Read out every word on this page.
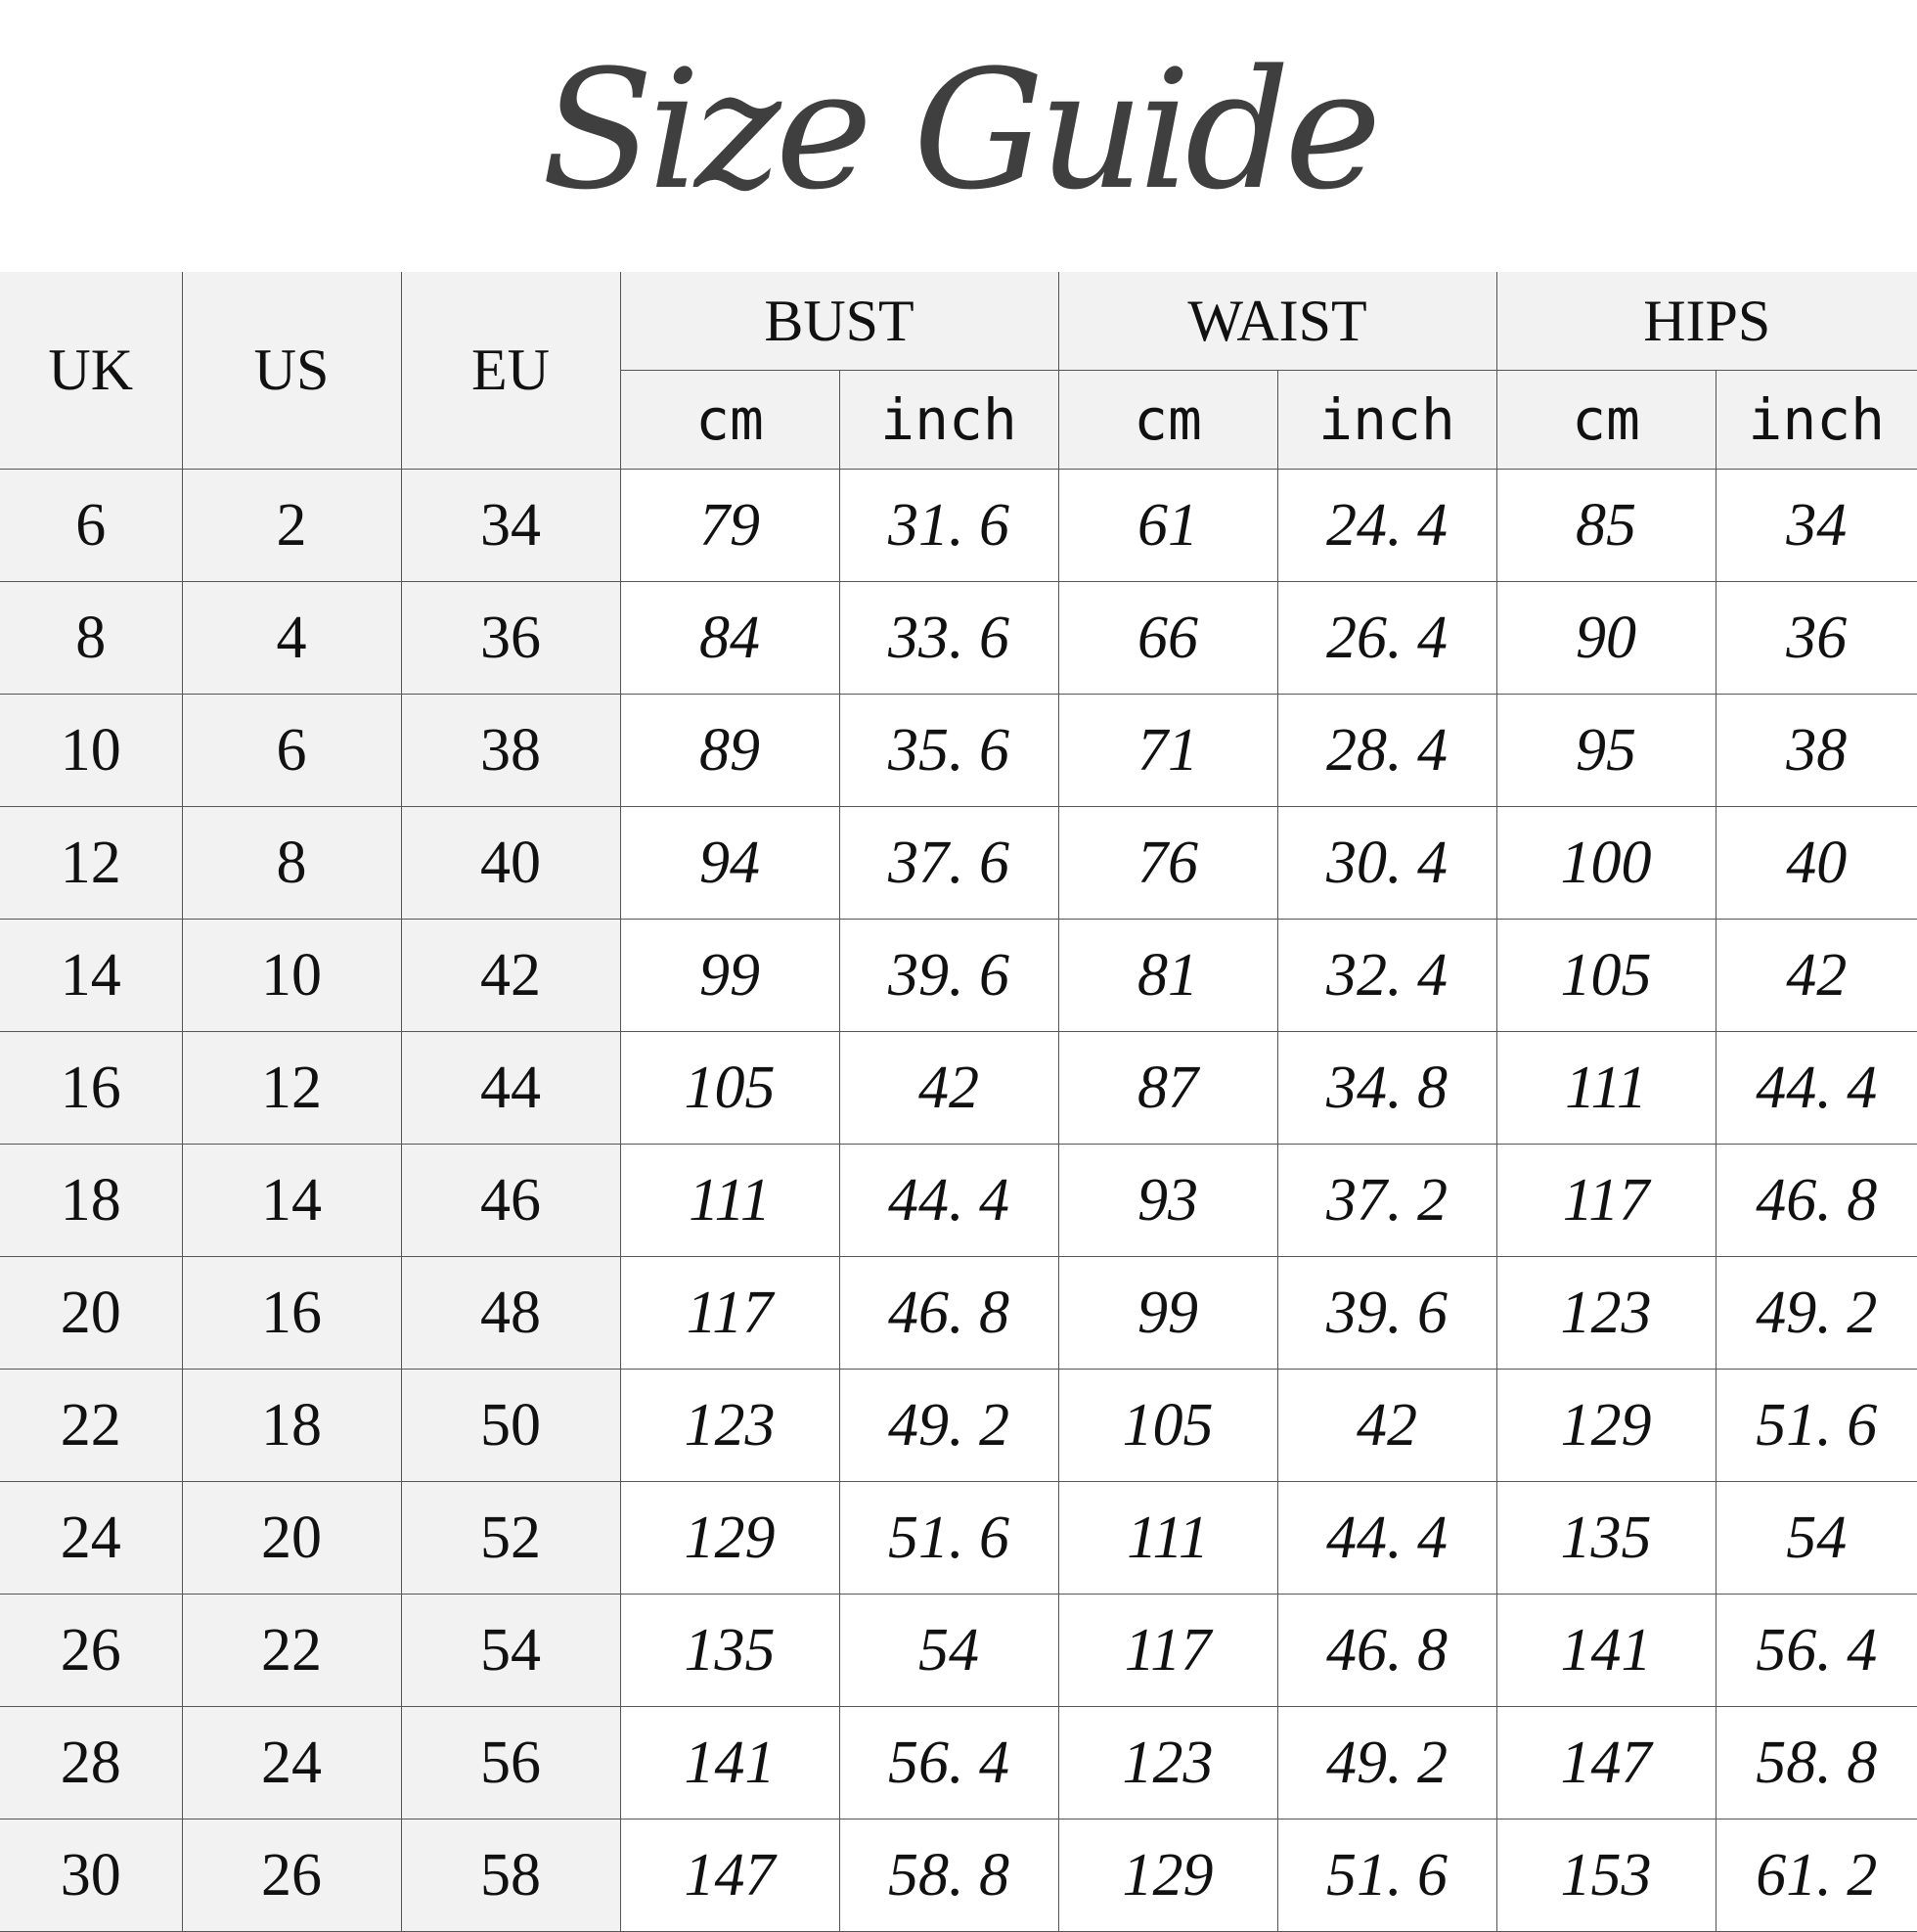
Size Guide
UK	US	EU	BUST		WAIST		HIPS	
			cm	inch	cm	inch	cm	inch
6	2	34	79	31. 6	61	24. 4	85	34
8	4	36	84	33. 6	66	26. 4	90	36
10	6	38	89	35. 6	71	28. 4	95	38
12	8	40	94	37. 6	76	30. 4	100	40
14	10	42	99	39. 6	81	32. 4	105	42
16	12	44	105	42	87	34. 8	111	44. 4
18	14	46	111	44. 4	93	37. 2	117	46. 8
20	16	48	117	46. 8	99	39. 6	123	49. 2
22	18	50	123	49. 2	105	42	129	51. 6
24	20	52	129	51. 6	111	44. 4	135	54
26	22	54	135	54	117	46. 8	141	56. 4
28	24	56	141	56. 4	123	49. 2	147	58. 8
30	26	58	147	58. 8	129	51. 6	153	61. 2
